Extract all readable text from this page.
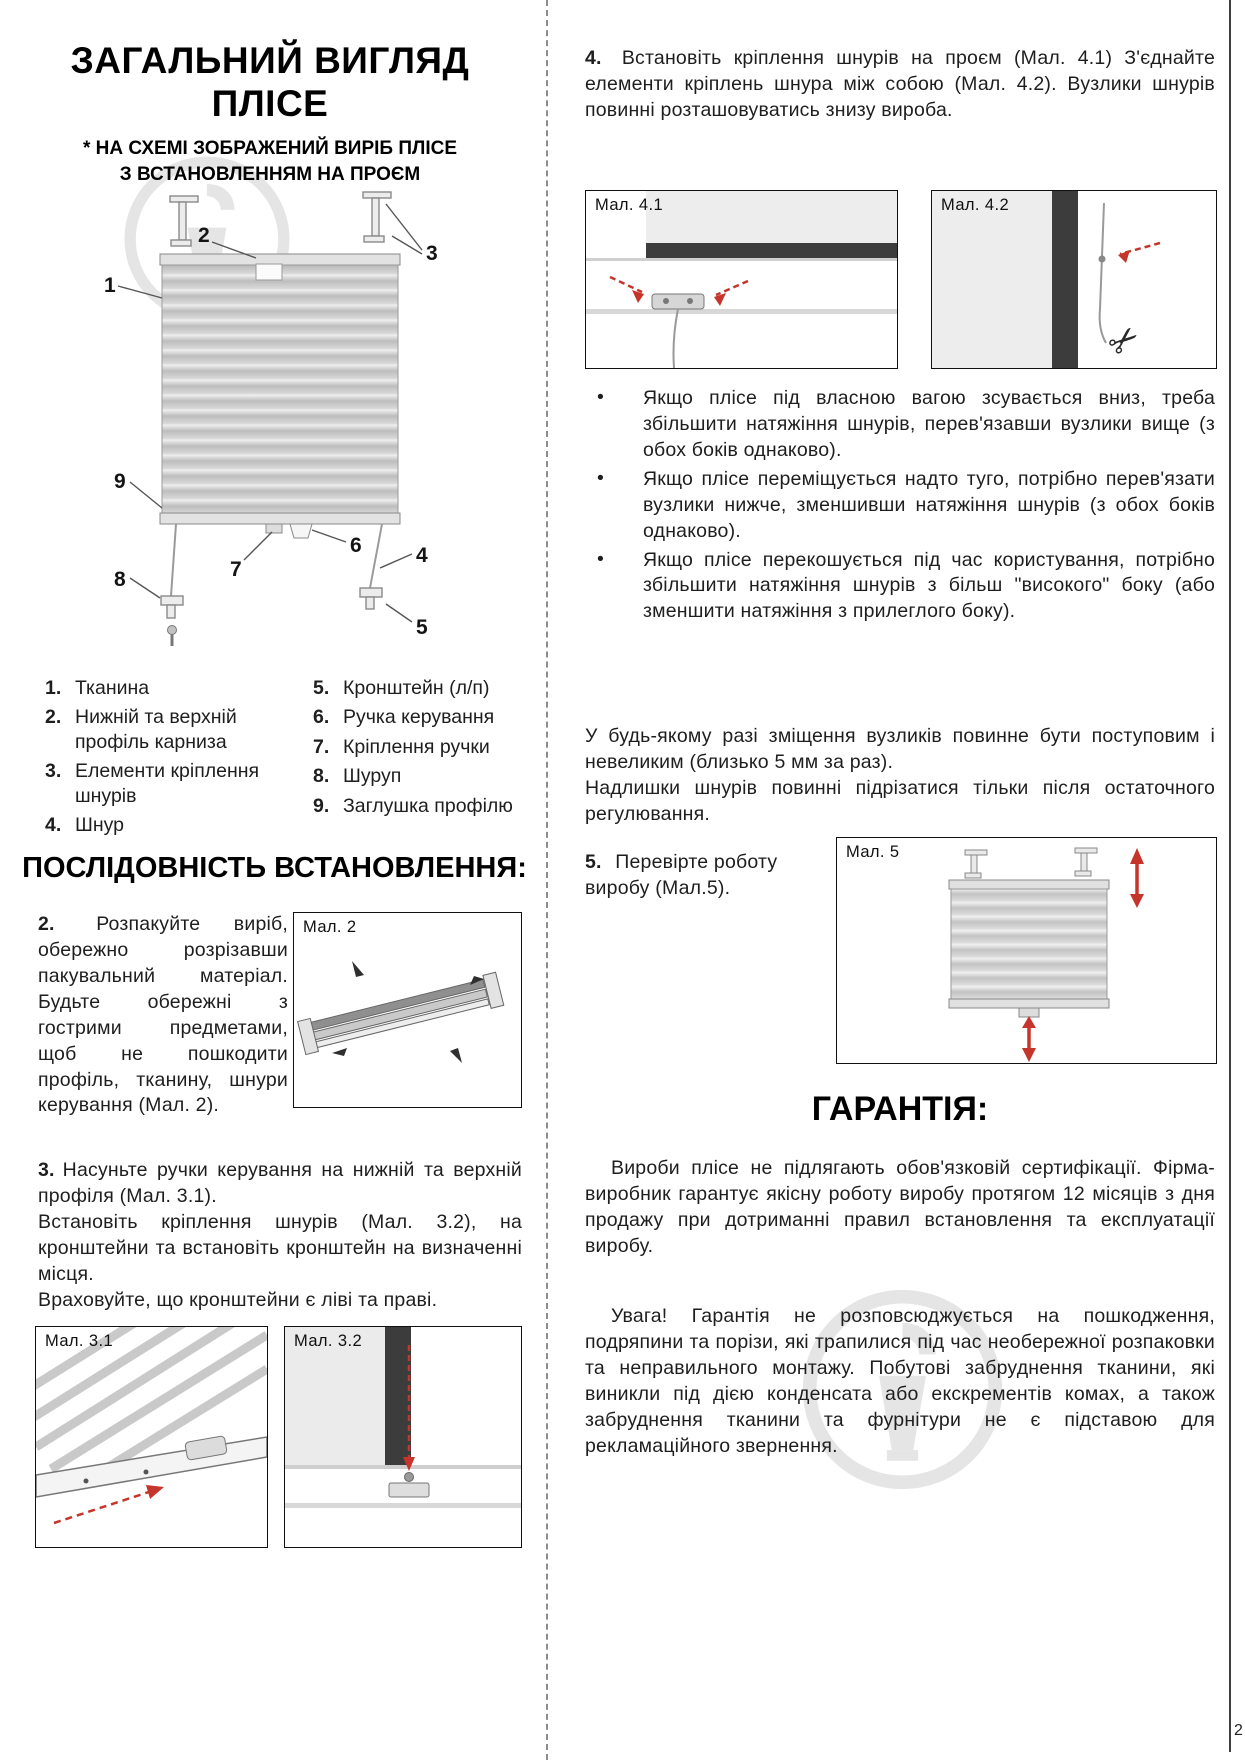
2
ЗАГАЛЬНИЙ ВИГЛЯД
ПЛІСЕ
* НА СХЕМІ ЗОБРАЖЕНИЙ ВИРІБ ПЛІСЕ
З ВСТАНОВЛЕННЯМ НА ПРОЄМ
1
2
3
4
5
6
7
8
9
1. Тканина
2. Нижній та верхній профіль карниза
3. Елементи кріплення шнурів
4. Шнур
5. Кронштейн (л/п)
6. Ручка керування
7. Кріплення ручки
8. Шуруп
9. Заглушка профілю
ПОСЛІДОВНІСТЬ ВСТАНОВЛЕННЯ:
2. Розпакуйте виріб, обережно розрізавши пакувальний матеріал. Будьте обережні з гострими предметами, щоб не пошкодити профіль, тканину, шнури керування (Мал. 2).
Мал. 2
3. Насуньте ручки керування на нижній та верхній профіля (Мал. 3.1).
Встановіть кріплення шнурів (Мал. 3.2), на кронштейни та встановіть кронштейн на визначенні місця.
Враховуйте, що кронштейни є ліві та праві.
Мал. 3.1	Мал. 3.2
4. Встановіть кріплення шнурів на проєм (Мал. 4.1) З'єднайте елементи кріплень шнура між собою (Мал. 4.2). Вузлики шнурів повинні розташовуватись знизу вироба.
Мал. 4.1	Мал. 4.2
✂
•	Якщо плісе під власною вагою зсувається вниз, треба збільшити натяжіння шнурів, перев'язавши вузлики вище (з обох боків однаково).
•	Якщо плісе переміщується надто туго, потрібно перев'язати вузлики нижче, зменшивши натяжіння шнурів (з обох боків однаково).
•	Якщо плісе перекошується під час користування, потрібно збільшити натяжіння шнурів з більш "високого" боку (або зменшити натяжіння з прилеглого боку).
У будь-якому разі зміщення вузликів повинне бути поступовим і невеликим (близько 5 мм за раз).
Надлишки шнурів повинні підрізатися тільки після остаточного регулювання.
5. Перевірте роботу виробу (Мал.5).
Мал. 5
ГАРАНТІЯ:
Вироби плісе не підлягають обов'язковій сертифікації. Фірма-виробник гарантує якісну роботу виробу протягом 12 місяців з дня продажу при дотриманні правил встановлення та експлуатації виробу.
Увага! Гарантія не розповсюджується на пошкодження, подряпини та порізи, які трапилися під час необережної розпаковки та неправильного монтажу. Побутові забруднення тканини, які виникли під дією конденсата або екскрементів комах, а також забруднення тканини та фурнітури не є підставою для рекламаційного звернення.
